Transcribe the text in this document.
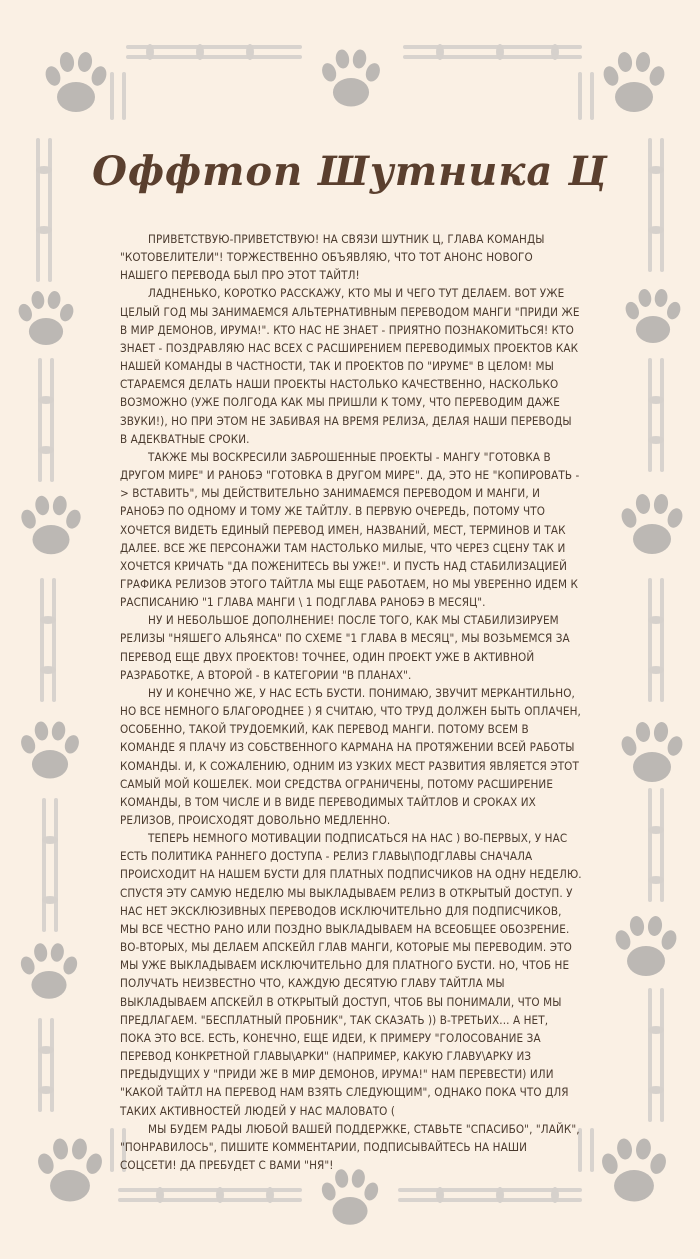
Оффтоп Шутника Ц

ПРИВЕТСТВУЮ-ПРИВЕТСТВУЮ! НА СВЯЗИ ШУТНИК Ц, ГЛАВА КОМАНДЫ "КОТОВЕЛИТЕЛИ"! ТОРЖЕСТВЕННО ОБЪЯВЛЯЮ, ЧТО ТОТ АНОНС НОВОГО НАШЕГО ПЕРЕВОДА БЫЛ ПРО ЭТОТ ТАЙТЛ!

ЛАДНЕНЬКО, КОРОТКО РАССКАЖУ, КТО МЫ И ЧЕГО ТУТ ДЕЛАЕМ. ВОТ УЖЕ ЦЕЛЫЙ ГОД МЫ ЗАНИМАЕМСЯ АЛЬТЕРНАТИВНЫМ ПЕРЕВОДОМ МАНГИ "ПРИДИ ЖЕ В МИР ДЕМОНОВ, ИРУМА!". КТО НАС НЕ ЗНАЕТ - ПРИЯТНО ПОЗНАКОМИТЬСЯ! КТО ЗНАЕТ - ПОЗДРАВЛЯЮ НАС ВСЕХ С РАСШИРЕНИЕМ ПЕРЕВОДИМЫХ ПРОЕКТОВ КАК НАШЕЙ КОМАНДЫ В ЧАСТНОСТИ, ТАК И ПРОЕКТОВ ПО "ИРУМЕ" В ЦЕЛОМ! МЫ СТАРАЕМСЯ ДЕЛАТЬ НАШИ ПРОЕКТЫ НАСТОЛЬКО КАЧЕСТВЕННО, НАСКОЛЬКО ВОЗМОЖНО (УЖЕ ПОЛГОДА КАК МЫ ПРИШЛИ К ТОМУ, ЧТО ПЕРЕВОДИМ ДАЖЕ ЗВУКИ!), НО ПРИ ЭТОМ НЕ ЗАБИВАЯ НА ВРЕМЯ РЕЛИЗА, ДЕЛАЯ НАШИ ПЕРЕВОДЫ В АДЕКВАТНЫЕ СРОКИ.

ТАКЖЕ МЫ ВОСКРЕСИЛИ ЗАБРОШЕННЫЕ ПРОЕКТЫ - МАНГУ "ГОТОВКА В ДРУГОМ МИРЕ" И РАНОБЭ "ГОТОВКА В ДРУГОМ МИРЕ". ДА, ЭТО НЕ "КОПИРОВАТЬ -> ВСТАВИТЬ", МЫ ДЕЙСТВИТЕЛЬНО ЗАНИМАЕМСЯ ПЕРЕВОДОМ И МАНГИ, И РАНОБЭ ПО ОДНОМУ И ТОМУ ЖЕ ТАЙТЛУ. В ПЕРВУЮ ОЧЕРЕДЬ, ПОТОМУ ЧТО ХОЧЕТСЯ ВИДЕТЬ ЕДИНЫЙ ПЕРЕВОД ИМЕН, НАЗВАНИЙ, МЕСТ, ТЕРМИНОВ И ТАК ДАЛЕЕ. ВСЕ ЖЕ ПЕРСОНАЖИ ТАМ НАСТОЛЬКО МИЛЫЕ, ЧТО ЧЕРЕЗ СЦЕНУ ТАК И ХОЧЕТСЯ КРИЧАТЬ "ДА ПОЖЕНИТЕСЬ ВЫ УЖЕ!". И ПУСТЬ НАД СТАБИЛИЗАЦИЕЙ ГРАФИКА РЕЛИЗОВ ЭТОГО ТАЙТЛА МЫ ЕЩЕ РАБОТАЕМ, НО МЫ УВЕРЕННО ИДЕМ К РАСПИСАНИЮ "1 ГЛАВА МАНГИ \ 1 ПОДГЛАВА РАНОБЭ В МЕСЯЦ".

НУ И НЕБОЛЬШОЕ ДОПОЛНЕНИЕ! ПОСЛЕ ТОГО, КАК МЫ СТАБИЛИЗИРУЕМ РЕЛИЗЫ "НЯШЕГО АЛЬЯНСА" ПО СХЕМЕ "1 ГЛАВА В МЕСЯЦ", МЫ ВОЗЬМЕМСЯ ЗА ПЕРЕВОД ЕЩЕ ДВУХ ПРОЕКТОВ! ТОЧНЕЕ, ОДИН ПРОЕКТ УЖЕ В АКТИВНОЙ РАЗРАБОТКЕ, А ВТОРОЙ - В КАТЕГОРИИ "В ПЛАНАХ".

НУ И КОНЕЧНО ЖЕ, У НАС ЕСТЬ БУСТИ. ПОНИМАЮ, ЗВУЧИТ МЕРКАНТИЛЬНО, НО ВСЕ НЕМНОГО БЛАГОРОДНЕЕ ) Я СЧИТАЮ, ЧТО ТРУД ДОЛЖЕН БЫТЬ ОПЛАЧЕН, ОСОБЕННО, ТАКОЙ ТРУДОЕМКИЙ, КАК ПЕРЕВОД МАНГИ. ПОТОМУ ВСЕМ В КОМАНДЕ Я ПЛАЧУ ИЗ СОБСТВЕННОГО КАРМАНА НА ПРОТЯЖЕНИИ ВСЕЙ РАБОТЫ КОМАНДЫ. И, К СОЖАЛЕНИЮ, ОДНИМ ИЗ УЗКИХ МЕСТ РАЗВИТИЯ ЯВЛЯЕТСЯ ЭТОТ САМЫЙ МОЙ КОШЕЛЕК. МОИ СРЕДСТВА ОГРАНИЧЕНЫ, ПОТОМУ РАСШИРЕНИЕ КОМАНДЫ, В ТОМ ЧИСЛЕ И В ВИДЕ ПЕРЕВОДИМЫХ ТАЙТЛОВ И СРОКАХ ИХ РЕЛИЗОВ, ПРОИСХОДЯТ ДОВОЛЬНО МЕДЛЕННО.

ТЕПЕРЬ НЕМНОГО МОТИВАЦИИ ПОДПИСАТЬСЯ НА НАС ) ВО-ПЕРВЫХ, У НАС ЕСТЬ ПОЛИТИКА РАННЕГО ДОСТУПА - РЕЛИЗ ГЛАВЫ\ПОДГЛАВЫ СНАЧАЛА ПРОИСХОДИТ НА НАШЕМ БУСТИ ДЛЯ ПЛАТНЫХ ПОДПИСЧИКОВ НА ОДНУ НЕДЕЛЮ. СПУСТЯ ЭТУ САМУЮ НЕДЕЛЮ МЫ ВЫКЛАДЫВАЕМ РЕЛИЗ В ОТКРЫТЫЙ ДОСТУП. У НАС НЕТ ЭКСКЛЮЗИВНЫХ ПЕРЕВОДОВ ИСКЛЮЧИТЕЛЬНО ДЛЯ ПОДПИСЧИКОВ, МЫ ВСЕ ЧЕСТНО РАНО ИЛИ ПОЗДНО ВЫКЛАДЫВАЕМ НА ВСЕОБЩЕЕ ОБОЗРЕНИЕ. ВО-ВТОРЫХ, МЫ ДЕЛАЕМ АПСКЕЙЛ ГЛАВ МАНГИ, КОТОРЫЕ МЫ ПЕРЕВОДИМ. ЭТО МЫ УЖЕ ВЫКЛАДЫВАЕМ ИСКЛЮЧИТЕЛЬНО ДЛЯ ПЛАТНОГО БУСТИ. НО, ЧТОБ НЕ ПОЛУЧАТЬ НЕИЗВЕСТНО ЧТО, КАЖДУЮ ДЕСЯТУЮ ГЛАВУ ТАЙТЛА МЫ ВЫКЛАДЫВАЕМ АПСКЕЙЛ В ОТКРЫТЫЙ ДОСТУП, ЧТОБ ВЫ ПОНИМАЛИ, ЧТО МЫ ПРЕДЛАГАЕМ. "БЕСПЛАТНЫЙ ПРОБНИК", ТАК СКАЗАТЬ )) В-ТРЕТЬИХ... А НЕТ, ПОКА ЭТО ВСЕ. ЕСТЬ, КОНЕЧНО, ЕЩЕ ИДЕИ, К ПРИМЕРУ "ГОЛОСОВАНИЕ ЗА ПЕРЕВОД КОНКРЕТНОЙ ГЛАВЫ\АРКИ" (НАПРИМЕР, КАКУЮ ГЛАВУ\АРКУ ИЗ ПРЕДЫДУЩИХ У "ПРИДИ ЖЕ В МИР ДЕМОНОВ, ИРУМА!" НАМ ПЕРЕВЕСТИ) ИЛИ "КАКОЙ ТАЙТЛ НА ПЕРЕВОД НАМ ВЗЯТЬ СЛЕДУЮЩИМ", ОДНАКО ПОКА ЧТО ДЛЯ ТАКИХ АКТИВНОСТЕЙ ЛЮДЕЙ У НАС МАЛОВАТО (

МЫ БУДЕМ РАДЫ ЛЮБОЙ ВАШЕЙ ПОДДЕРЖКЕ, СТАВЬТЕ "СПАСИБО", "ЛАЙК", "ПОНРАВИЛОСЬ", ПИШИТЕ КОММЕНТАРИИ, ПОДПИСЫВАЙТЕСЬ НА НАШИ СОЦСЕТИ! ДА ПРЕБУДЕТ С ВАМИ "НЯ"!
